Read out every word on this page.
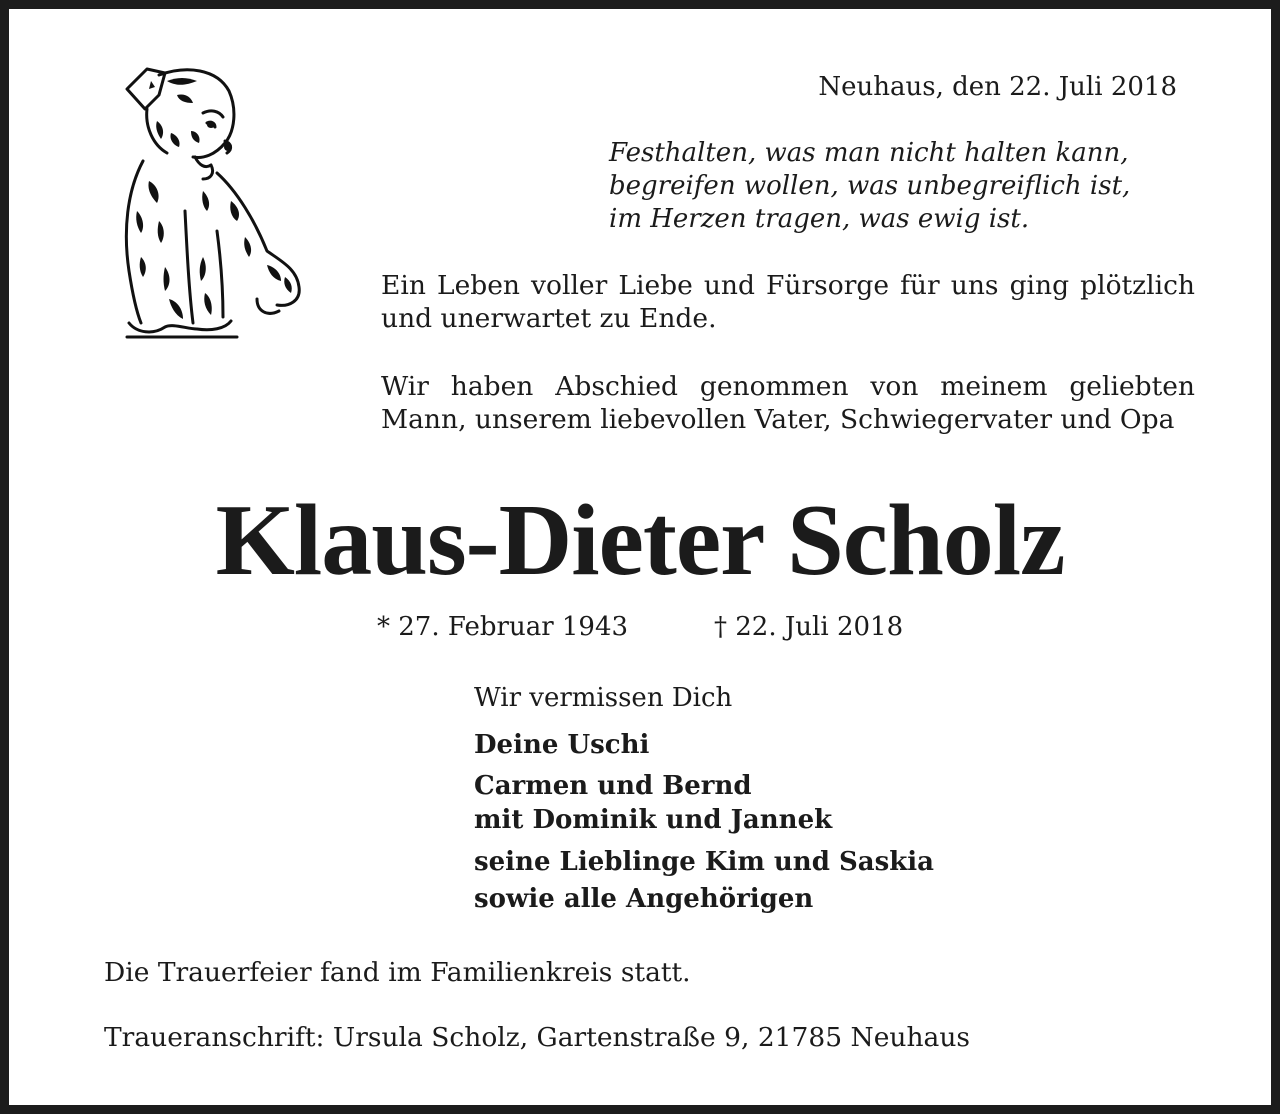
Neuhaus, den 22. Juli 2018
Festhalten, was man nicht halten kann,
begreifen wollen, was unbegreiflich ist,
im Herzen tragen, was ewig ist.

Ein Leben voller Liebe und Fürsorge für uns ging plötzlich und unerwartet zu Ende.

Wir haben Abschied genommen von meinem geliebten Mann, unserem liebevollen Vater, Schwiegervater und Opa

Klaus-Dieter Scholz
* 27. Februar 1943	† 22. Juli 2018
Wir vermissen Dich
Deine Uschi
Carmen und Bernd
mit Dominik und Jannek
seine Lieblinge Kim und Saskia
sowie alle Angehörigen
Die Trauerfeier fand im Familienkreis statt.
Traueranschrift: Ursula Scholz, Gartenstraße 9, 21785 Neuhaus
